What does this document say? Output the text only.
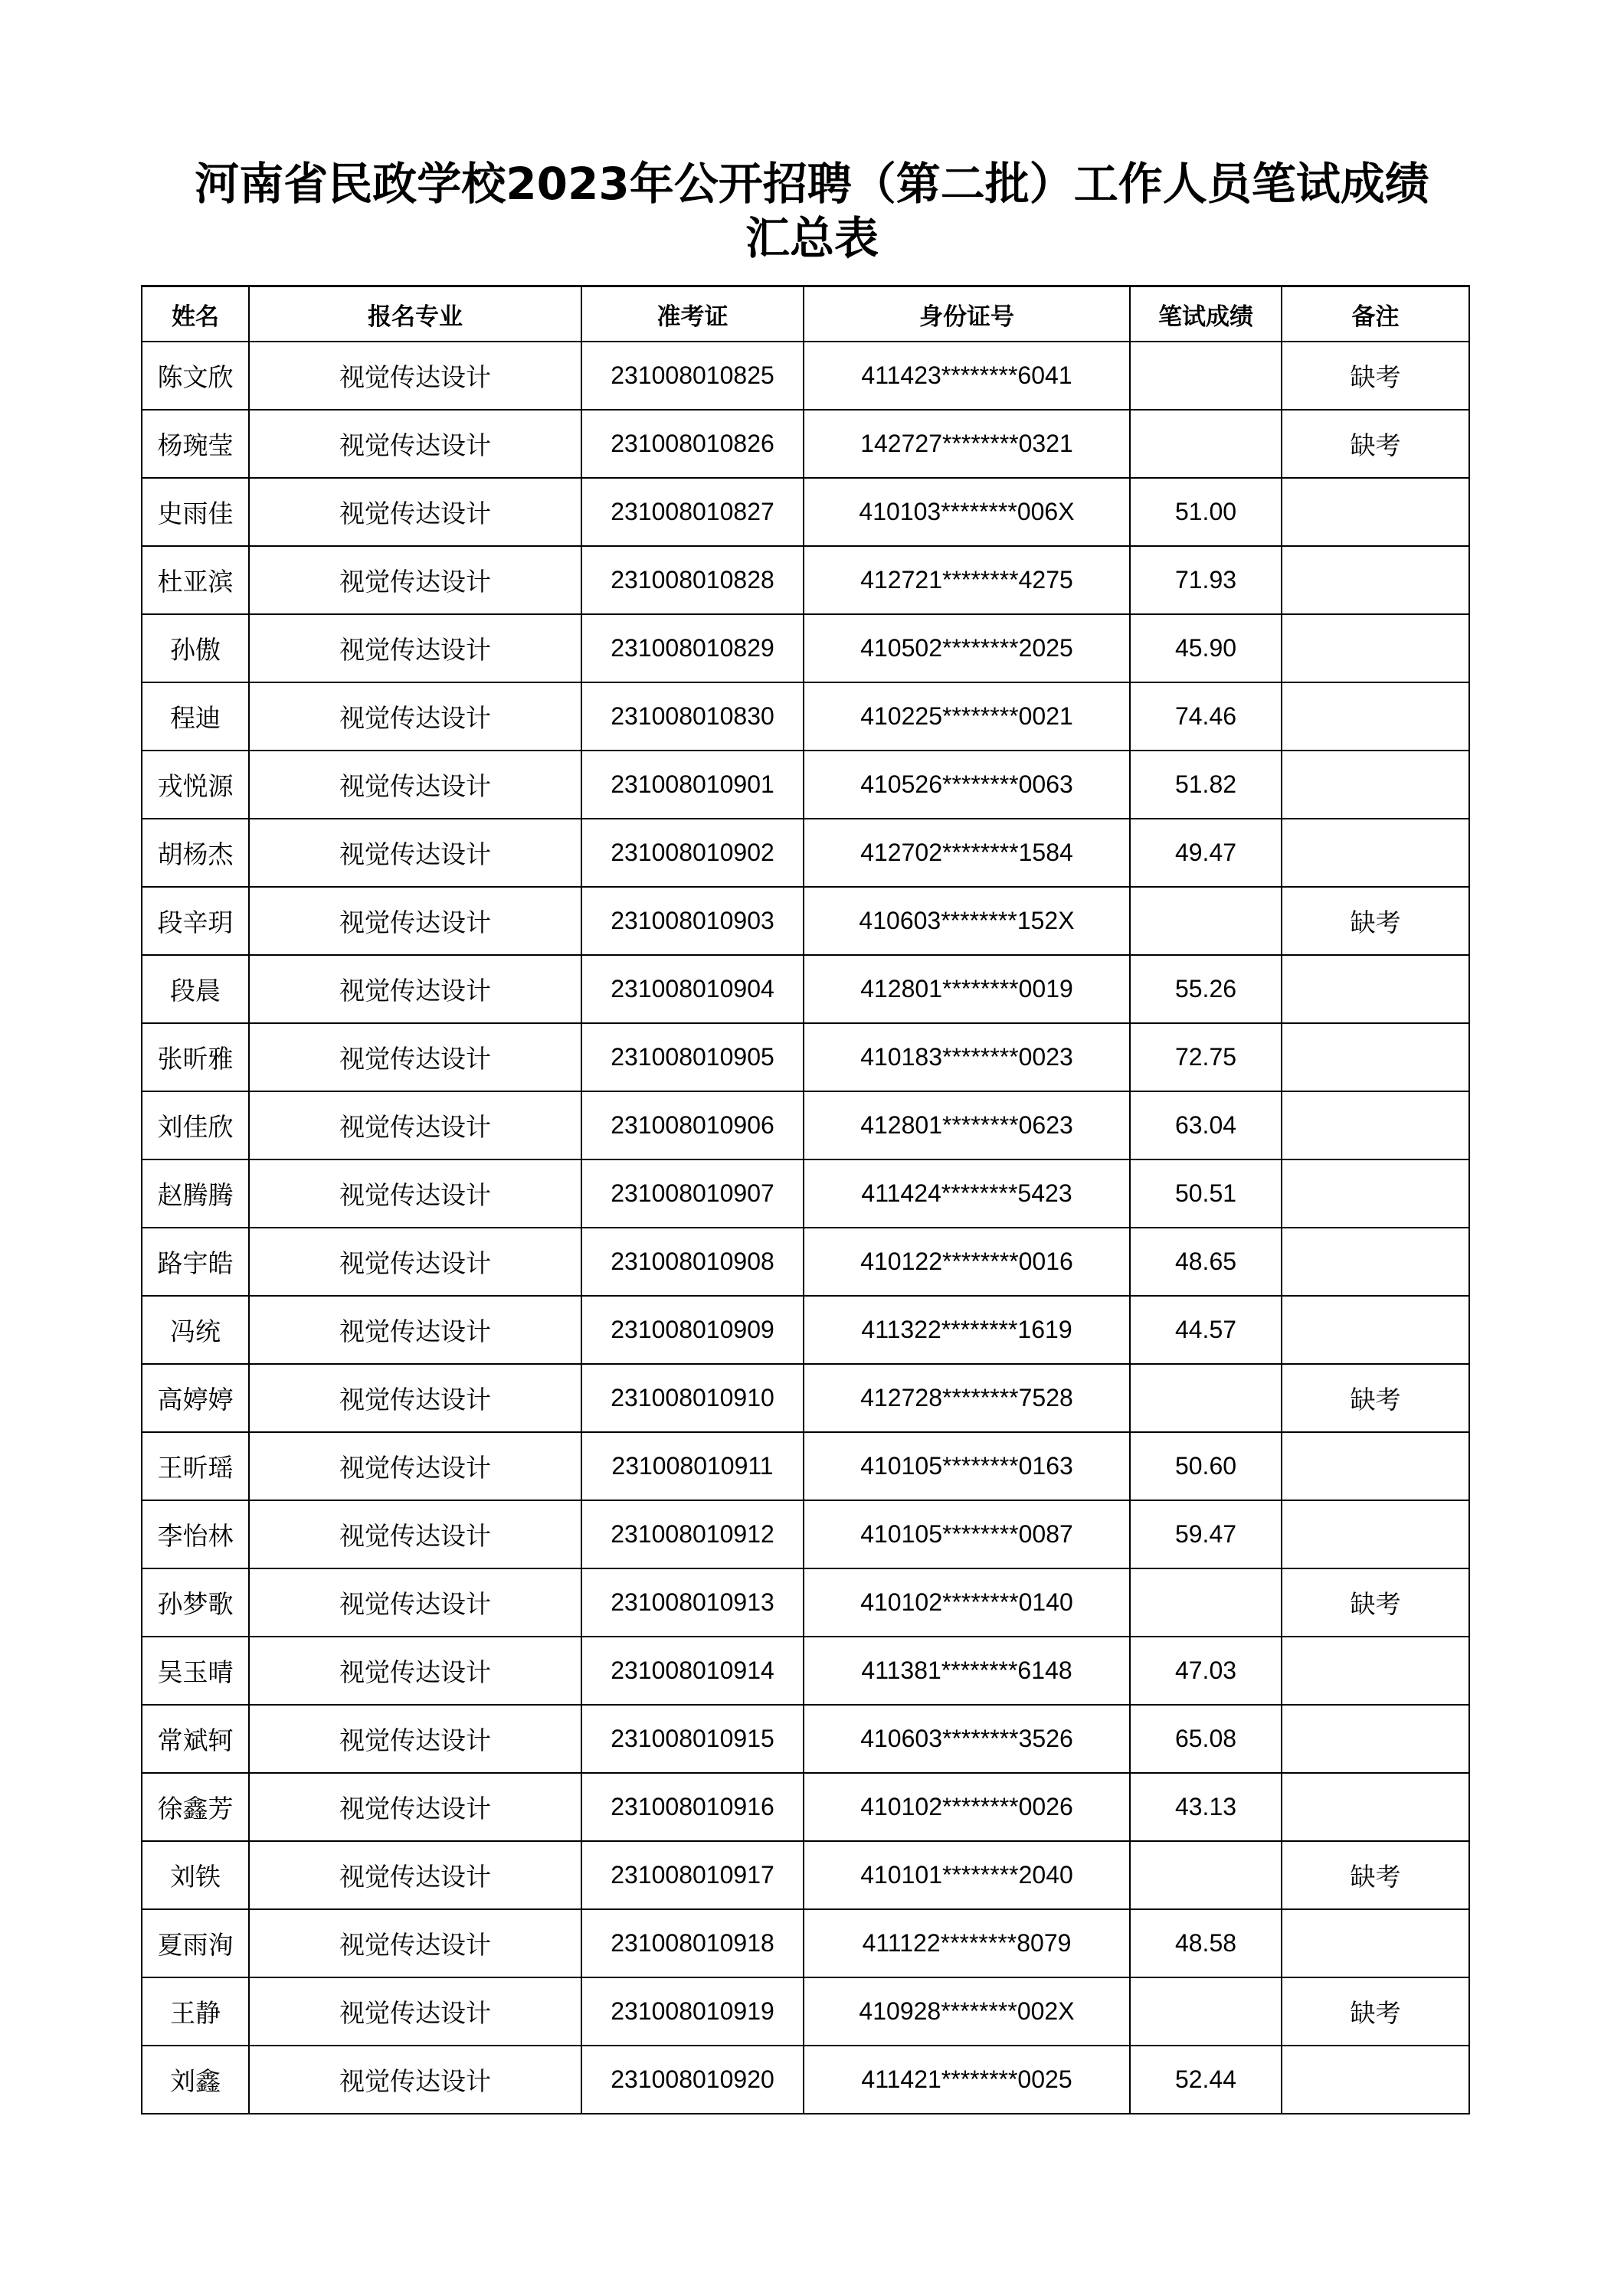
河南省民政学校2023年公开招聘（第二批）工作人员笔试成绩
汇总表
姓名	报名专业	准考证	身份证号	笔试成绩	备注
陈文欣	视觉传达设计	231008010825	411423********6041		缺考
杨琬莹	视觉传达设计	231008010826	142727********0321		缺考
史雨佳	视觉传达设计	231008010827	410103********006X	51.00	
杜亚滨	视觉传达设计	231008010828	412721********4275	71.93	
孙傲	视觉传达设计	231008010829	410502********2025	45.90	
程迪	视觉传达设计	231008010830	410225********0021	74.46	
戎悦源	视觉传达设计	231008010901	410526********0063	51.82	
胡杨杰	视觉传达设计	231008010902	412702********1584	49.47	
段辛玥	视觉传达设计	231008010903	410603********152X		缺考
段晨	视觉传达设计	231008010904	412801********0019	55.26	
张昕雅	视觉传达设计	231008010905	410183********0023	72.75	
刘佳欣	视觉传达设计	231008010906	412801********0623	63.04	
赵腾腾	视觉传达设计	231008010907	411424********5423	50.51	
路宇皓	视觉传达设计	231008010908	410122********0016	48.65	
冯统	视觉传达设计	231008010909	411322********1619	44.57	
高婷婷	视觉传达设计	231008010910	412728********7528		缺考
王昕瑶	视觉传达设计	231008010911	410105********0163	50.60	
李怡林	视觉传达设计	231008010912	410105********0087	59.47	
孙梦歌	视觉传达设计	231008010913	410102********0140		缺考
吴玉晴	视觉传达设计	231008010914	411381********6148	47.03	
常斌轲	视觉传达设计	231008010915	410603********3526	65.08	
徐鑫芳	视觉传达设计	231008010916	410102********0026	43.13	
刘铁	视觉传达设计	231008010917	410101********2040		缺考
夏雨洵	视觉传达设计	231008010918	411122********8079	48.58	
王静	视觉传达设计	231008010919	410928********002X		缺考
刘鑫	视觉传达设计	231008010920	411421********0025	52.44	
